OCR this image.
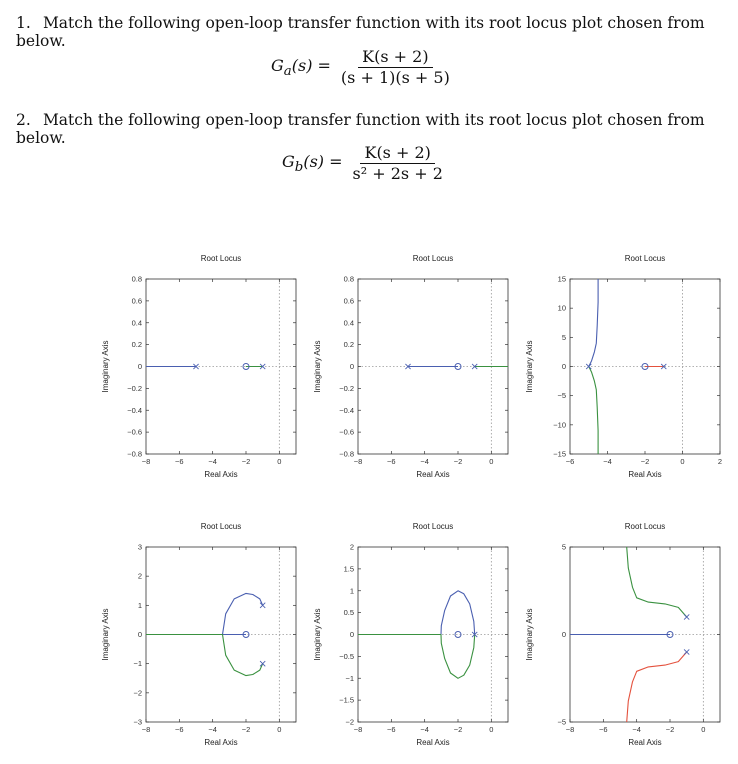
1. Match the following open-loop transfer function with its root locus plot chosen from below.
$G_a(s) = \frac{K(s + 2)}{(s + 1)(s + 5)}$
2. Match the following open-loop transfer function with its root locus plot chosen from below.
$G_b(s) = \frac{K(s + 2)}{\text{s² + 2s + 2}}$
−8	−6	−4	−2	0
−0.8
−0.6
−0.4
−0.2
0
0.2
0.4
0.6
0.8
Root Locus
Real Axis
Imaginary Axis
−8	−6	−4	−2	0
−0.8
−0.6
−0.4
−0.2
0
0.2
0.4
0.6
0.8
Root Locus
Real Axis
Imaginary Axis
−6	−4	−2	0	2
−15
−10
−5
0
5
10
15
Root Locus
Real Axis
Imaginary Axis
−8	−6	−4	−2	0
−3
−2
−1
0
1
2
3
Root Locus
Real Axis
Imaginary Axis
−8	−6	−4	−2	0
−2
−1.5
−1
−0.5
0
0.5
1
1.5
2
Root Locus
Real Axis
Imaginary Axis
−8	−6	−4	−2	0
−5
0
5
Root Locus
Real Axis
Imaginary Axis
